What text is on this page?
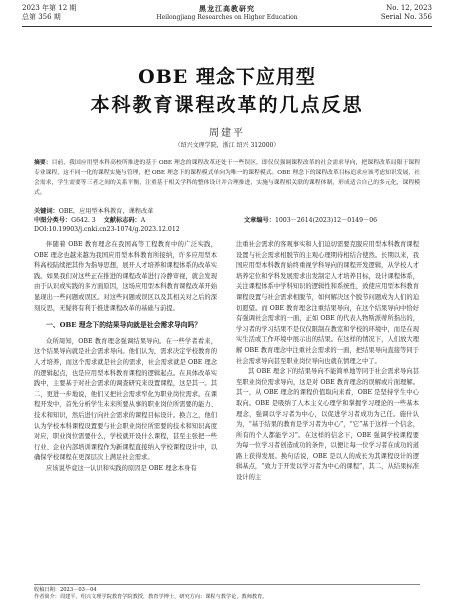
2023 年第 12 期
总第 356 期
黑龙江高教研究
Heilongjiang Researches on Higher Education
No. 12, 2023
Serial No. 356
OBE 理念下应用型
本科教育课程改革的几点反思
周建平
（绍兴文理学院，浙江 绍兴 312000）
摘要：目前，我国应用型本科高校所推进的基于 OBE 理念的课程改革还处于一些误区，即仅仅强调课程改革的社会需求导向，把课程改革局限于课程专业课程，这不同一化的课程实施与管理，把 OBE 理念下的课程模式单向为唯一的课程模式。OBE 理念下的课程改革目标追求应该考虑知识发展，社会需求，学生需要等三者之间的关系平衡，注重基于相关学科的整体设计并合理推进，实施与课程相关联的课程体制，形成适合自己的多元化，课程模式。
关键词：OBE，应用型本科教育，课程改革
中图分类号：G642. 3 文献标志码：A	文章编号：1003－2614(2023)12－0149－06
DOI:10.19903/j.cnki.cn23-1074/g.2023.12.012

伴随着 OBE 教育理念在我国高等工程教育中的广泛实践，OBE 理念也越来越为我国应用型本科教育所接纳，许多应用型本科高校陆续把其作为指导思想，展开人才培养和课程体系的改革实践。如果我们对这些正在推进的课程改革进行冷静审视，就会发现由于认识或实践的多方面原因，这场应用型本科教育课程改革开始显现出一些问题或误区。对这些问题或误区以及其相关对之后的深刻反思，无疑将有利于推进课程改革的基础与前提。

一、OBE 理念下的结果导向就是社会需求导向吗？

众所周知，OBE 教育理念强调结果导向。在一些学者看来，这个结果导向就是社会需求导向。他们认为，需求决定学校教育的人才培养，而这个需求就是社会的需求，社会需求就是 OBE 理念的逻辑起点，也是应用型本科教育课程的逻辑起点。在具体改革实践中，主要基于对社会需求的调查研究来设置课程，这是其一。其二，更进一步地说，他们又把社会需求窄化为职业岗位需求。在课程开发中，首先分析学生未来所要从事的职业岗位所需要的能力、技术和知识，然后进行向社会需求的课程目标设计。换言之，他们认为学校本科课程设置要与社会职业岗位所需要的技术和知识高度对应，职业岗位需要什么，学校就开设什么课程，甚至主张把一些行业、企业内部培训课程作为新课程直接纳入学校课程设计中，以确保学校课程在更深层次上满足社会需求。

应该说毕竟这一认识和实践的原因是 OBE 理念本身有

注重社会需求的客观事实和人们迫切需要克服应用型本科教育课程设置与社会需求相脱节的主观心理期待相结合使然。长期以来，我国应用型本科教育始终重视学科导向的课程开发逻辑，从学校人才培养定位和学科发展需求出发制定人才培养目标，设计课程体系，关注课程体系中学科知识的逻辑性和系统性，致使应用型本科教育课程设置与社会需求相脱节，如何解决这个脱节问题成为人们的迫切愿望。而 OBE 教育理念注重结果导向，在这个结果导向中恰好有强调社会需求的一面，正如 OBE 的代表人物斯派蒂所指出的，学习者的学习结果不是仅仅限制在教室和学校的环境中，而是在现实生活或工作环境中展示出的结果。在这样的情况下，人们放大理解 OBE 教育理念中注重社会需求的一面，把结果导向直接等同于社会需求导向甚至职业岗位导向也就在情理之中了。

其 OBE 理念下的结果导向不能简单地等同于社会需求导向甚至职业岗位需求导向，这是对 OBE 教育理念的误解或片面理解。其一，从 OBE 理念的课程价值取向来看，OBE 是坚持学生中心取向。OBE 是吸纳了人本主义心理学和掌握学习理论的一些基本理念，强调以学习者为中心，以促进学习者成功为己任。施什认为，“基于结果的教育是学习者为中心”，“它”基于这样一个信念，所有的个人都能学习”。在这样的信念下，OBE 强调学校课程要为每一位学习者创造成功的条件，以便让每一位学习者在成功的道路上获得发展。换句话说，OBE 是以人的成长为其课程设计的逻辑基点，“致力于开发以学习者为中心的课程”，其二，从结果标准设计的主

收稿日期：2023－03－04
作者简介：周建平，绍兴文理学院教育学院教授，教育学博士，研究方向：课程与教学论，教师教育。
